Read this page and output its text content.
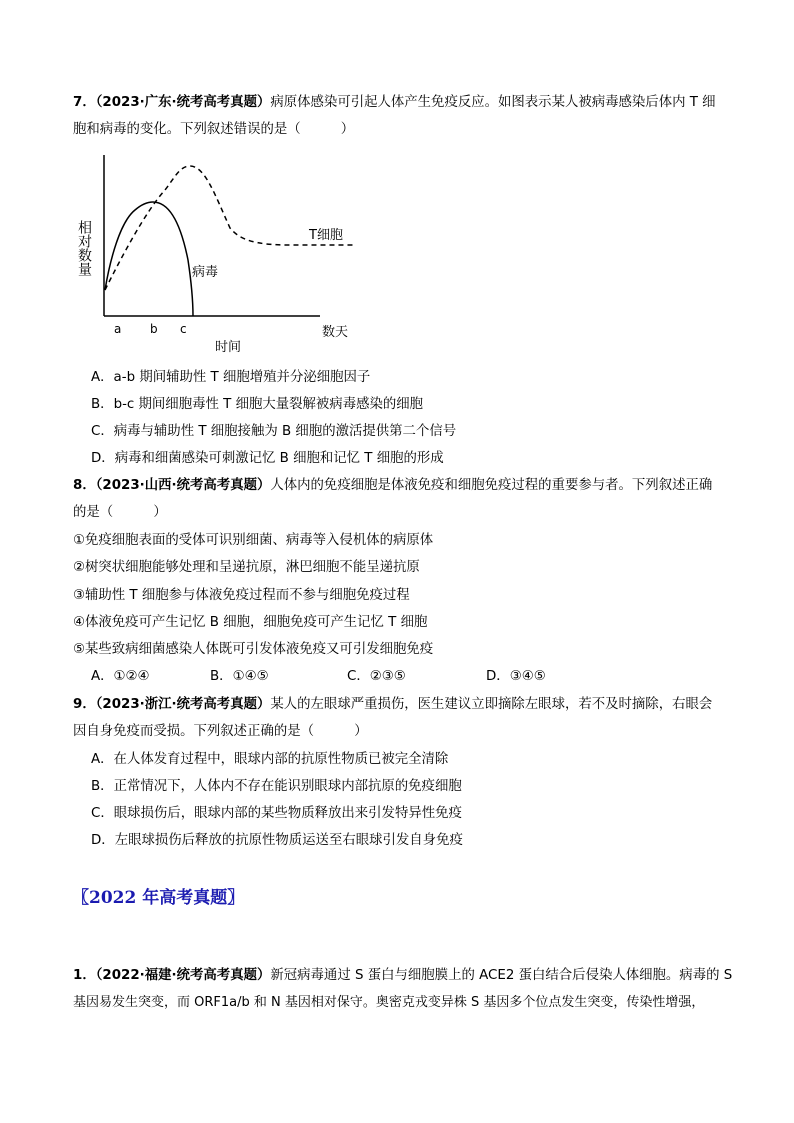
7．（2023·广东·统考高考真题）病原体感染可引起人体产生免疫反应。如图表示某人被病毒感染后体内 T 细
胞和病毒的变化。下列叙述错误的是（　　　）
T细胞
病毒
a b c	数天
时间
相对数量
A．a-b 期间辅助性 T 细胞增殖并分泌细胞因子
B．b-c 期间细胞毒性 T 细胞大量裂解被病毒感染的细胞
C．病毒与辅助性 T 细胞接触为 B 细胞的激活提供第二个信号
D．病毒和细菌感染可刺激记忆 B 细胞和记忆 T 细胞的形成
8．（2023·山西·统考高考真题）人体内的免疫细胞是体液免疫和细胞免疫过程的重要参与者。下列叙述正确
的是（　　　）
①免疫细胞表面的受体可识别细菌、病毒等入侵机体的病原体
②树突状细胞能够处理和呈递抗原，淋巴细胞不能呈递抗原
③辅助性 T 细胞参与体液免疫过程而不参与细胞免疫过程
④体液免疫可产生记忆 B 细胞，细胞免疫可产生记忆 T 细胞
⑤某些致病细菌感染人体既可引发体液免疫又可引发细胞免疫
A．①②④	B．①④⑤	C．②③⑤	D．③④⑤
9．（2023·浙江·统考高考真题）某人的左眼球严重损伤，医生建议立即摘除左眼球，若不及时摘除，右眼会
因自身免疫而受损。下列叙述正确的是（　　　）
A．在人体发育过程中，眼球内部的抗原性物质已被完全清除
B．正常情况下，人体内不存在能识别眼球内部抗原的免疫细胞
C．眼球损伤后，眼球内部的某些物质释放出来引发特异性免疫
D．左眼球损伤后释放的抗原性物质运送至右眼球引发自身免疫
〖2022 年高考真题〗
1．（2022·福建·统考高考真题）新冠病毒通过 S 蛋白与细胞膜上的 ACE2 蛋白结合后侵染人体细胞。病毒的 S
基因易发生突变，而 ORF1a/b 和 N 基因相对保守。奥密克戎变异株 S 基因多个位点发生突变，传染性增强，
